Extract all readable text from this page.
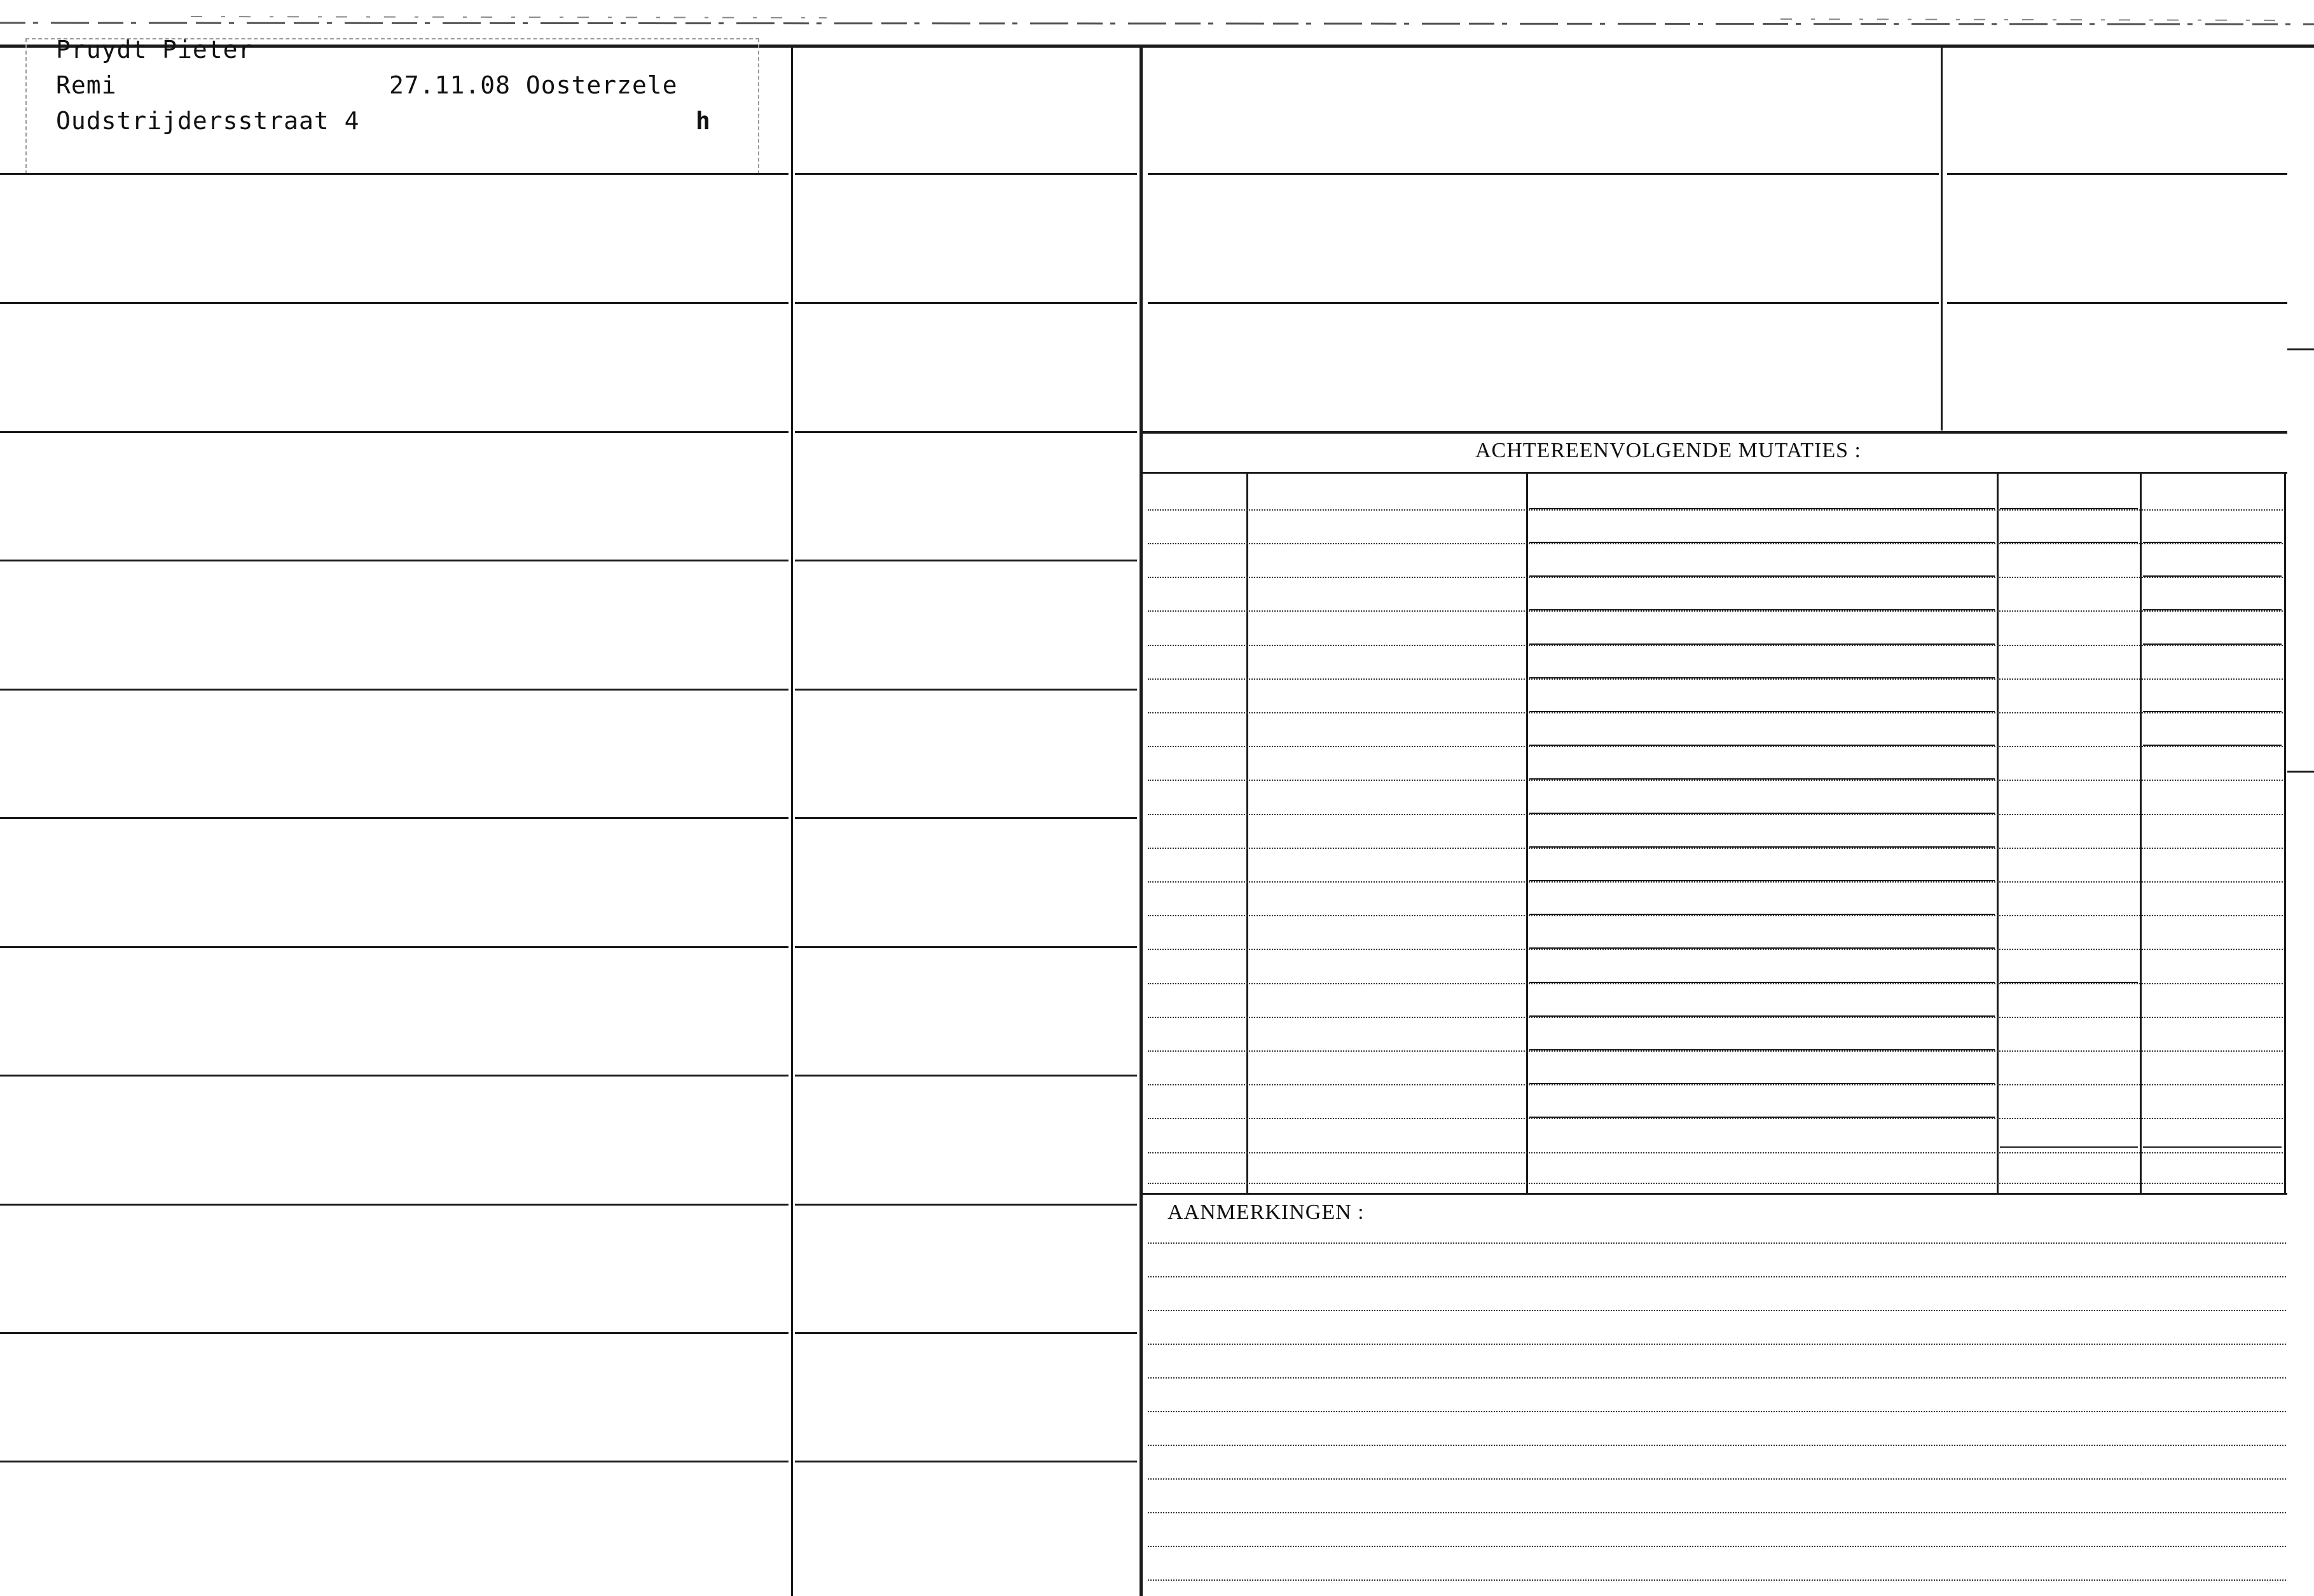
Pruydt Pieter
Remi	27.11.08 Oosterzele
Oudstrijdersstraat 4	h
ACHTEREENVOLGENDE MUTATIES :
AANMERKINGEN :
